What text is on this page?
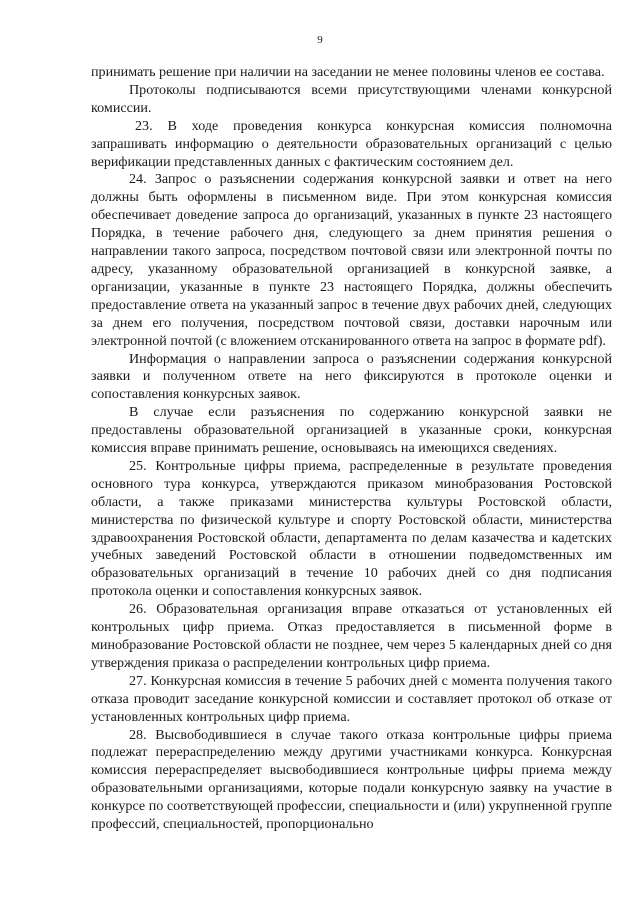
9

принимать решение при наличии на заседании не менее половины членов ее состава.

Протоколы подписываются всеми присутствующими членами конкурсной комиссии.

23. В ходе проведения конкурса конкурсная комиссия полномочна запрашивать информацию о деятельности образовательных организаций с целью верификации представленных данных с фактическим состоянием дел.

24. Запрос о разъяснении содержания конкурсной заявки и ответ на него должны быть оформлены в письменном виде. При этом конкурсная комиссия обеспечивает доведение запроса до организаций, указанных в пункте 23 настоящего Порядка, в течение рабочего дня, следующего за днем принятия решения о направлении такого запроса, посредством почтовой связи или электронной почты по адресу, указанному образовательной организацией в конкурсной заявке, а организации, указанные в пункте 23 настоящего Порядка, должны обеспечить предоставление ответа на указанный запрос в течение двух рабочих дней, следующих за днем его получения, посредством почтовой связи, доставки нарочным или электронной почтой (с вложением отсканированного ответа на запрос в формате pdf).

Информация о направлении запроса о разъяснении содержания конкурсной заявки и полученном ответе на него фиксируются в протоколе оценки и сопоставления конкурсных заявок.

В случае если разъяснения по содержанию конкурсной заявки не предоставлены образовательной организацией в указанные сроки, конкурсная комиссия вправе принимать решение, основываясь на имеющихся сведениях.

25. Контрольные цифры приема, распределенные в результате проведения основного тура конкурса, утверждаются приказом минобразования Ростовской области, а также приказами министерства культуры Ростовской области, министерства по физической культуре и спорту Ростовской области, министерства здравоохранения Ростовской области, департамента по делам казачества и кадетских учебных заведений Ростовской области в отношении подведомственных им образовательных организаций в течение 10 рабочих дней со дня подписания протокола оценки и сопоставления конкурсных заявок.

26. Образовательная организация вправе отказаться от установленных ей контрольных цифр приема. Отказ предоставляется в письменной форме в минобразование Ростовской области не позднее, чем через 5 календарных дней со дня утверждения приказа о распределении контрольных цифр приема.

27. Конкурсная комиссия в течение 5 рабочих дней с момента получения такого отказа проводит заседание конкурсной комиссии и составляет протокол об отказе от установленных контрольных цифр приема.

28. Высвободившиеся в случае такого отказа контрольные цифры приема подлежат перераспределению между другими участниками конкурса. Конкурсная комиссия перераспределяет высвободившиеся контрольные цифры приема между образовательными организациями, которые подали конкурсную заявку на участие в конкурсе по соответствующей профессии, специальности и (или) укрупненной группе профессий, специальностей, пропорционально
